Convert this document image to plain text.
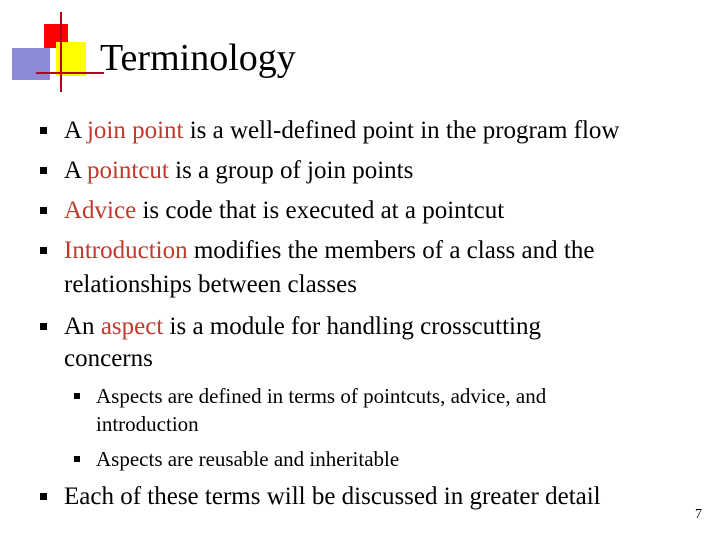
Terminology
A join point is a well-defined point in the program flow
A pointcut is a group of join points
Advice is code that is executed at a pointcut
Introduction modifies the members of a class and the
relationships between classes
An aspect is a module for handling crosscutting
concerns
Aspects are defined in terms of pointcuts, advice, and
introduction
Aspects are reusable and inheritable
Each of these terms will be discussed in greater detail
7
